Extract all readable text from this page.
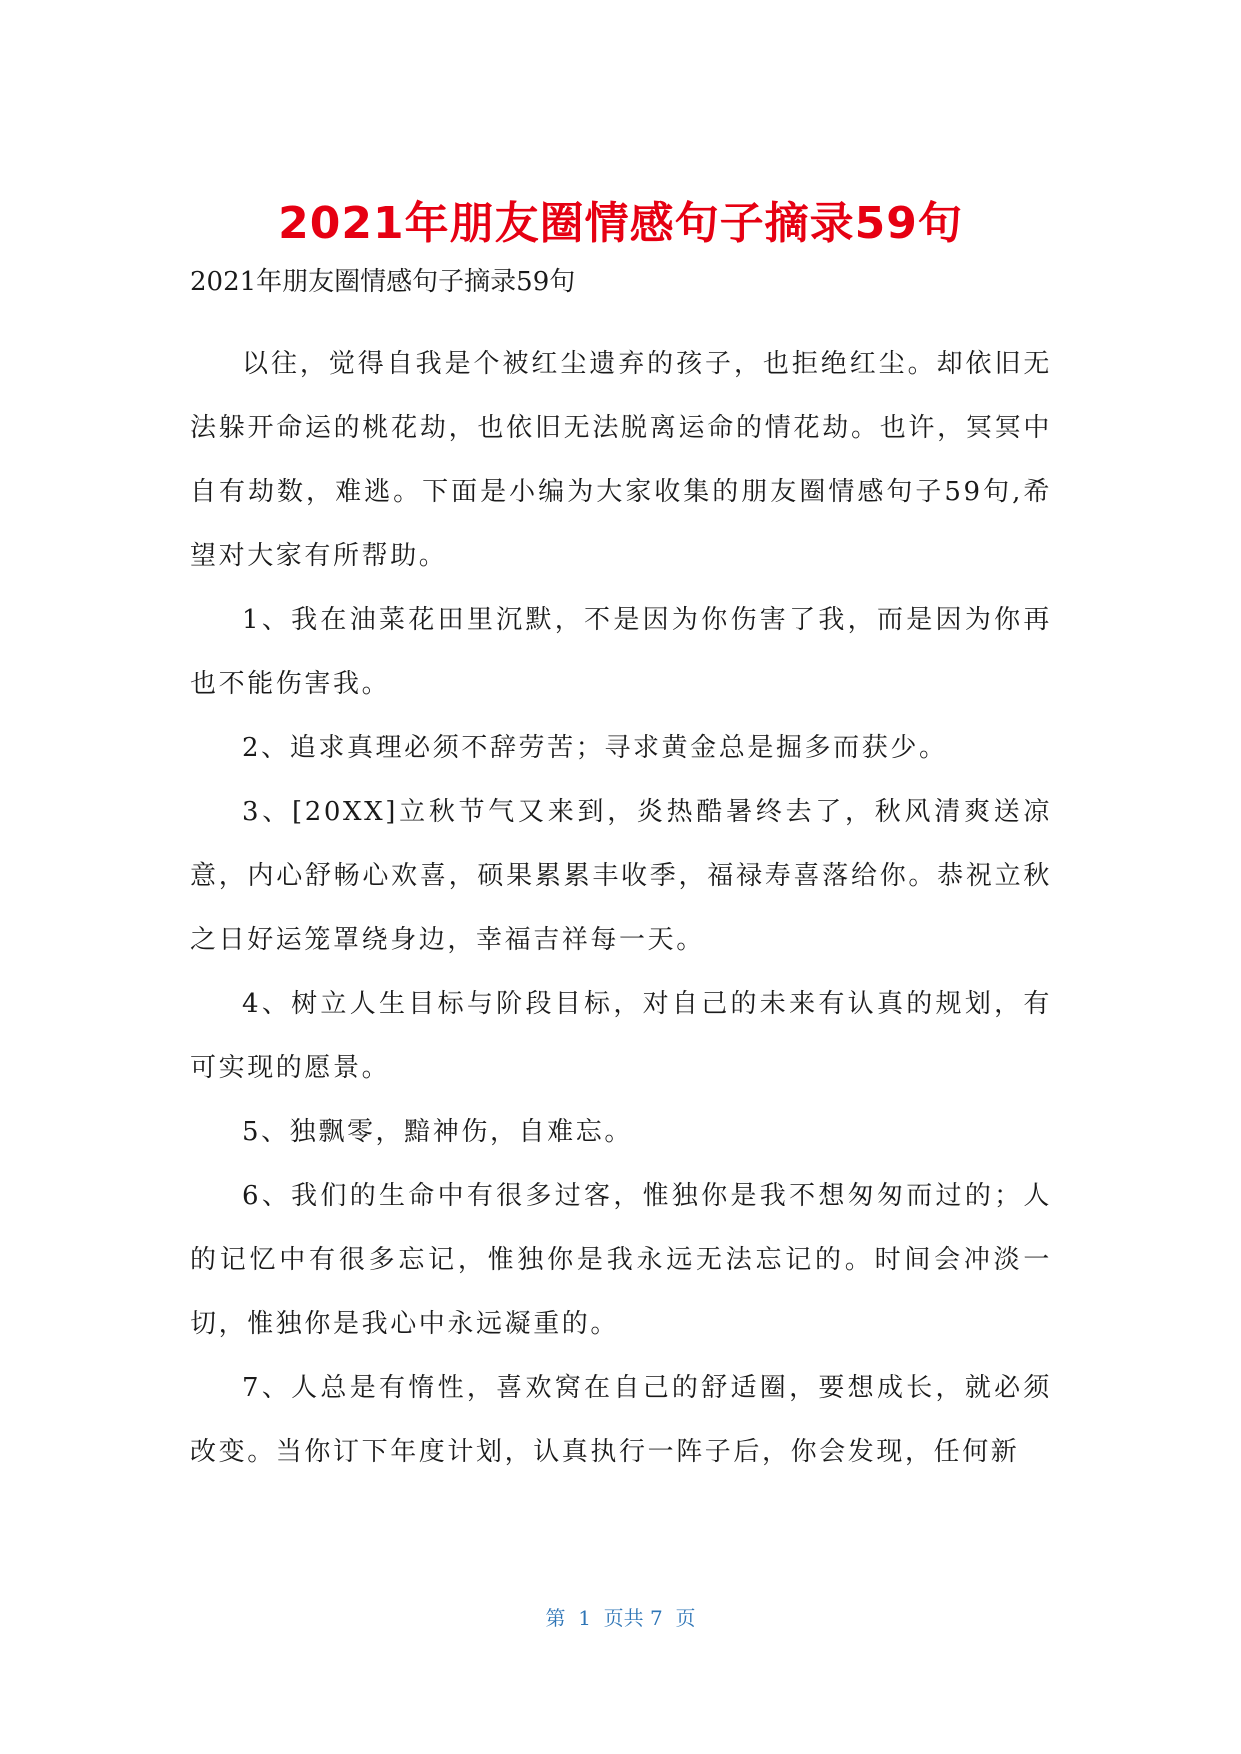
2021年朋友圈情感句子摘录59句

2021年朋友圈情感句子摘录59句

以往，觉得自我是个被红尘遗弃的孩子，也拒绝红尘。却依旧无法躲开命运的桃花劫，也依旧无法脱离运命的情花劫。也许，冥冥中自有劫数，难逃。下面是小编为大家收集的朋友圈情感句子59句,希望对大家有所帮助。

1、我在油菜花田里沉默，不是因为你伤害了我，而是因为你再也不能伤害我。

2、追求真理必须不辞劳苦；寻求黄金总是掘多而获少。

3、[20XX]立秋节气又来到，炎热酷暑终去了，秋风清爽送凉意，内心舒畅心欢喜，硕果累累丰收季，福禄寿喜落给你。恭祝立秋之日好运笼罩绕身边，幸福吉祥每一天。

4、树立人生目标与阶段目标，对自己的未来有认真的规划，有可实现的愿景。

5、独飘零，黯神伤，自难忘。

6、我们的生命中有很多过客，惟独你是我不想匆匆而过的；人的记忆中有很多忘记，惟独你是我永远无法忘记的。时间会冲淡一切，惟独你是我心中永远凝重的。

7、人总是有惰性，喜欢窝在自己的舒适圈，要想成长，就必须改变。当你订下年度计划，认真执行一阵子后，你会发现，任何新

第  1  页共 7  页
